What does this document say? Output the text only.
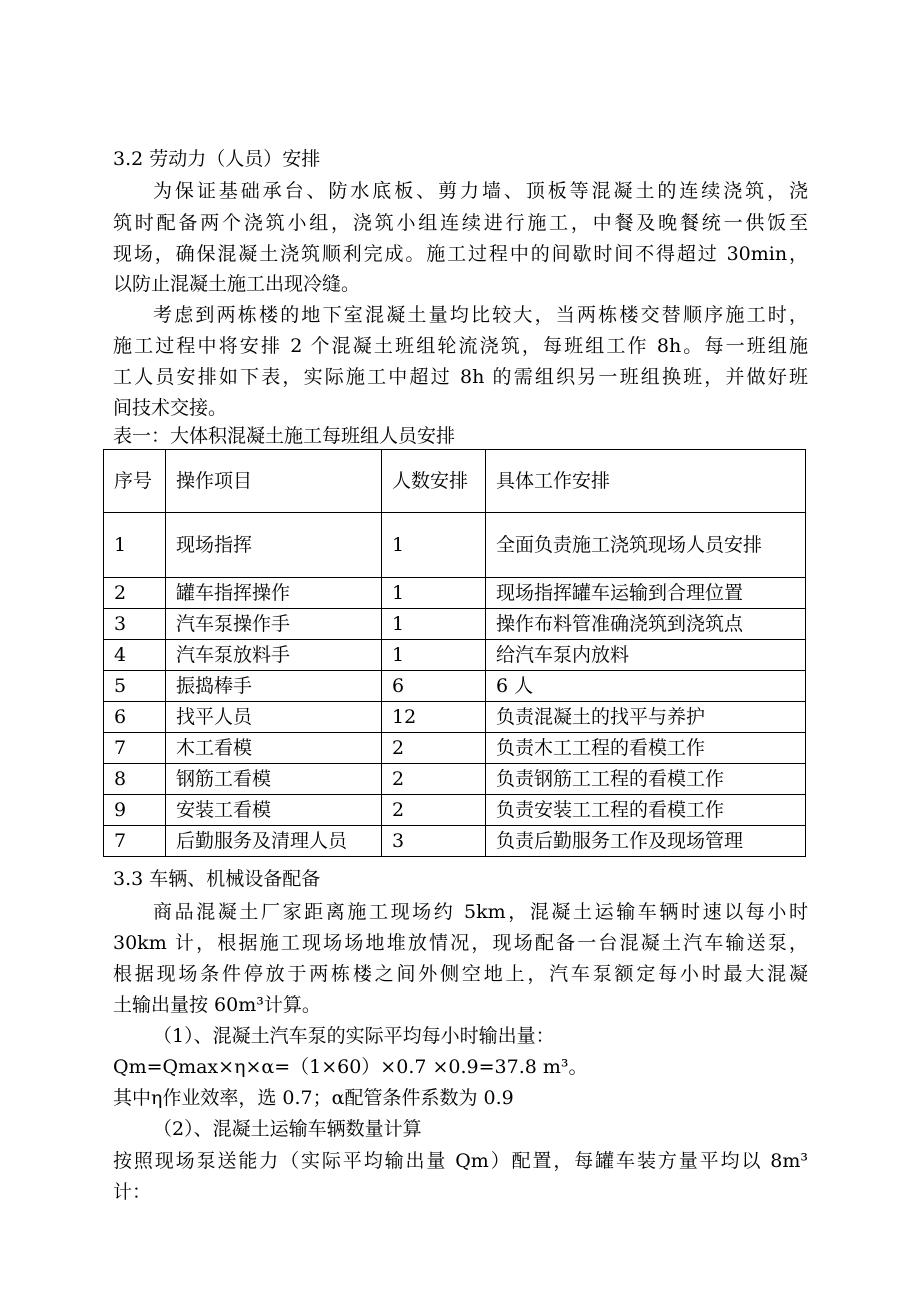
3.2 劳动力（人员）安排
为保证基础承台、防水底板、剪力墙、顶板等混凝土的连续浇筑，浇
筑时配备两个浇筑小组，浇筑小组连续进行施工，中餐及晚餐统一供饭至
现场，确保混凝土浇筑顺利完成。施工过程中的间歇时间不得超过 30min，
以防止混凝土施工出现冷缝。
考虑到两栋楼的地下室混凝土量均比较大，当两栋楼交替顺序施工时，
施工过程中将安排 2 个混凝土班组轮流浇筑，每班组工作 8h。每一班组施
工人员安排如下表，实际施工中超过 8h 的需组织另一班组换班，并做好班
间技术交接。
表一：大体积混凝土施工每班组人员安排
序号	操作项目	人数安排	具体工作安排
1	现场指挥	1	全面负责施工浇筑现场人员安排
2	罐车指挥操作	1	现场指挥罐车运输到合理位置
3	汽车泵操作手	1	操作布料管准确浇筑到浇筑点
4	汽车泵放料手	1	给汽车泵内放料
5	振捣棒手	6	6 人
6	找平人员	12	负责混凝土的找平与养护
7	木工看模	2	负责木工工程的看模工作
8	钢筋工看模	2	负责钢筋工工程的看模工作
9	安装工看模	2	负责安装工工程的看模工作
7	后勤服务及清理人员	3	负责后勤服务工作及现场管理
3.3 车辆、机械设备配备
商品混凝土厂家距离施工现场约 5km，混凝土运输车辆时速以每小时
30km 计，根据施工现场场地堆放情况，现场配备一台混凝土汽车输送泵，
根据现场条件停放于两栋楼之间外侧空地上，汽车泵额定每小时最大混凝
土输出量按 60m³计算。
（1）、混凝土汽车泵的实际平均每小时输出量：
Qm=Qmax×η×α=（1×60）×0.7 ×0.9=37.8 m³。
其中η作业效率，选 0.7；α配管条件系数为 0.9
（2）、混凝土运输车辆数量计算
按照现场泵送能力（实际平均输出量 Qm）配置，每罐车装方量平均以 8m³
计：
